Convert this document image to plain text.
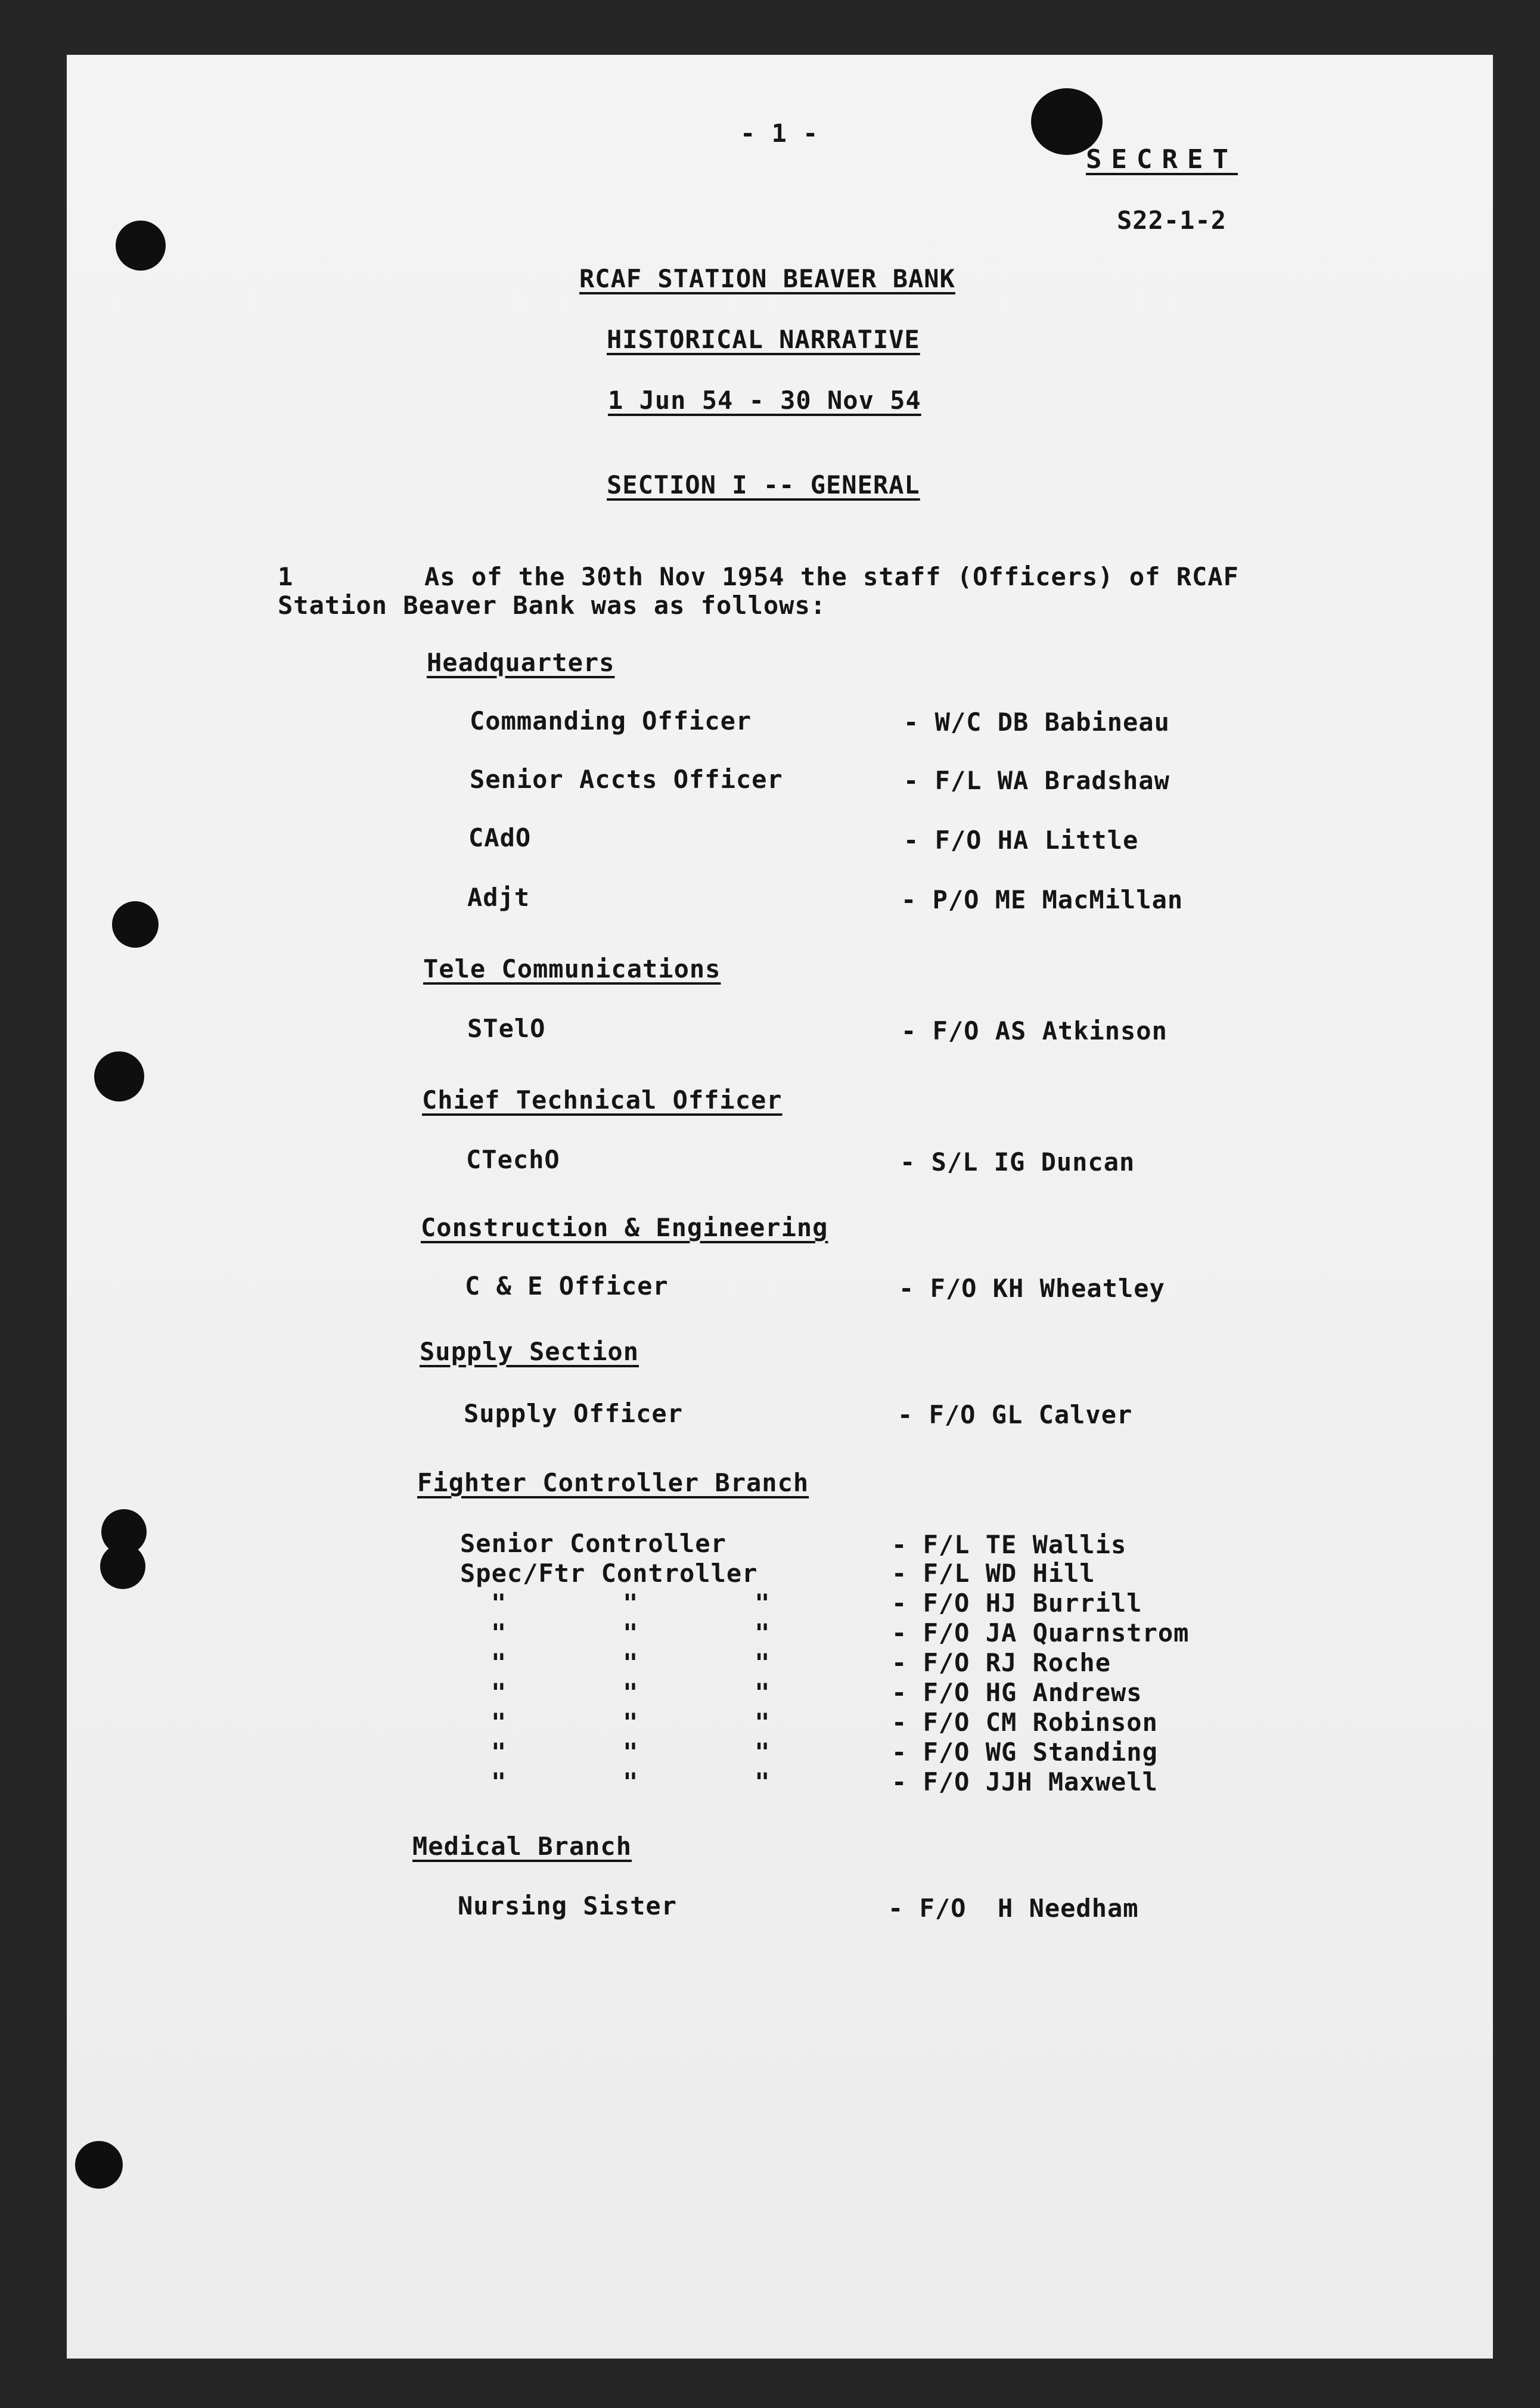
- 1 -
SECRET
S22-1-2
RCAF STATION BEAVER BANK
HISTORICAL NARRATIVE
1 Jun 54 - 30 Nov 54
SECTION I -- GENERAL
1	As of the 30th Nov 1954 the staff (Officers) of RCAF
Station Beaver Bank was as follows:
Headquarters
Commanding Officer	- W/C DB Babineau
Senior Accts Officer	- F/L WA Bradshaw
CAdO	- F/O HA Little
Adjt	- P/O ME MacMillan
Tele Communications
STelO	- F/O AS Atkinson
Chief Technical Officer
CTechO	- S/L IG Duncan
Construction & Engineering
C & E Officer	- F/O KH Wheatley
Supply Section
Supply Officer	- F/O GL Calver
Fighter Controller Branch
Senior Controller	- F/L TE Wallis
Spec/Ftr Controller	- F/L WD Hill
"   "   "	- F/O HJ Burrill
"   "   "	- F/O JA Quarnstrom
"   "   "	- F/O RJ Roche
"   "   "	- F/O HG Andrews
"   "   "	- F/O CM Robinson
"   "   "	- F/O WG Standing
"   "   "	- F/O JJH Maxwell
Medical Branch
Nursing Sister	- F/O  H Needham
